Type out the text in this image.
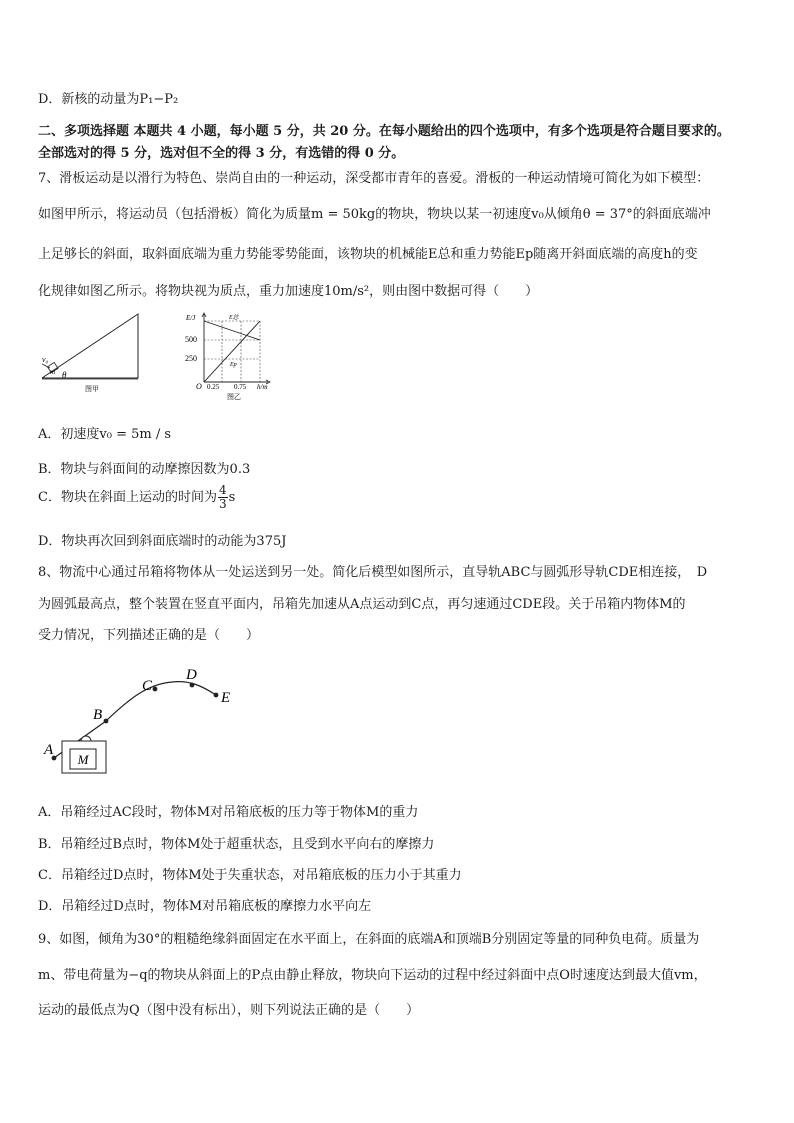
D．新核的动量为P₁−P₂
二、多项选择题 本题共 4 小题，每小题 5 分，共 20 分。在每小题给出的四个选项中，有多个选项是符合题目要求的。
全部选对的得 5 分，选对但不全的得 3 分，有选错的得 0 分。
7、滑板运动是以滑行为特色、崇尚自由的一种运动，深受都市青年的喜爱。滑板的一种运动情境可简化为如下模型：
如图甲所示，将运动员（包括滑板）简化为质量m = 50kg的物块，物块以某一初速度v₀从倾角θ = 37°的斜面底端冲
上足够长的斜面，取斜面底端为重力势能零势能面，该物块的机械能E总和重力势能Ep随离开斜面底端的高度h的变
化规律如图乙所示。将物块视为质点，重力加速度10m/s²，则由图中数据可得（　　）
v₀
m θ
图甲
E/J
500
250
O 0.25 0.75 h/m
E总
Ep
图乙
A．初速度v₀ = 5m / s
B．物块与斜面间的动摩擦因数为0.3
C．物块在斜面上运动的时间为 $\frac{4}{3}$ s
D．物块再次回到斜面底端时的动能为375J
8、物流中心通过吊箱将物体从一处运送到另一处。简化后模型如图所示，直导轨ABC与圆弧形导轨CDE相连接，　D
为圆弧最高点，整个装置在竖直平面内，吊箱先加速从A点运动到C点，再匀速通过CDE段。关于吊箱内物体M的
受力情况，下列描述正确的是（　　）
A
B
C
D
E
M
A．吊箱经过AC段时，物体M对吊箱底板的压力等于物体M的重力
B．吊箱经过B点时，物体M处于超重状态，且受到水平向右的摩擦力
C．吊箱经过D点时，物体M处于失重状态，对吊箱底板的压力小于其重力
D．吊箱经过D点时，物体M对吊箱底板的摩擦力水平向左
9、如图，倾角为30°的粗糙绝缘斜面固定在水平面上，在斜面的底端A和顶端B分别固定等量的同种负电荷。质量为
m、带电荷量为−q的物块从斜面上的P点由静止释放，物块向下运动的过程中经过斜面中点O时速度达到最大值vm，
运动的最低点为Q（图中没有标出），则下列说法正确的是（　　）
